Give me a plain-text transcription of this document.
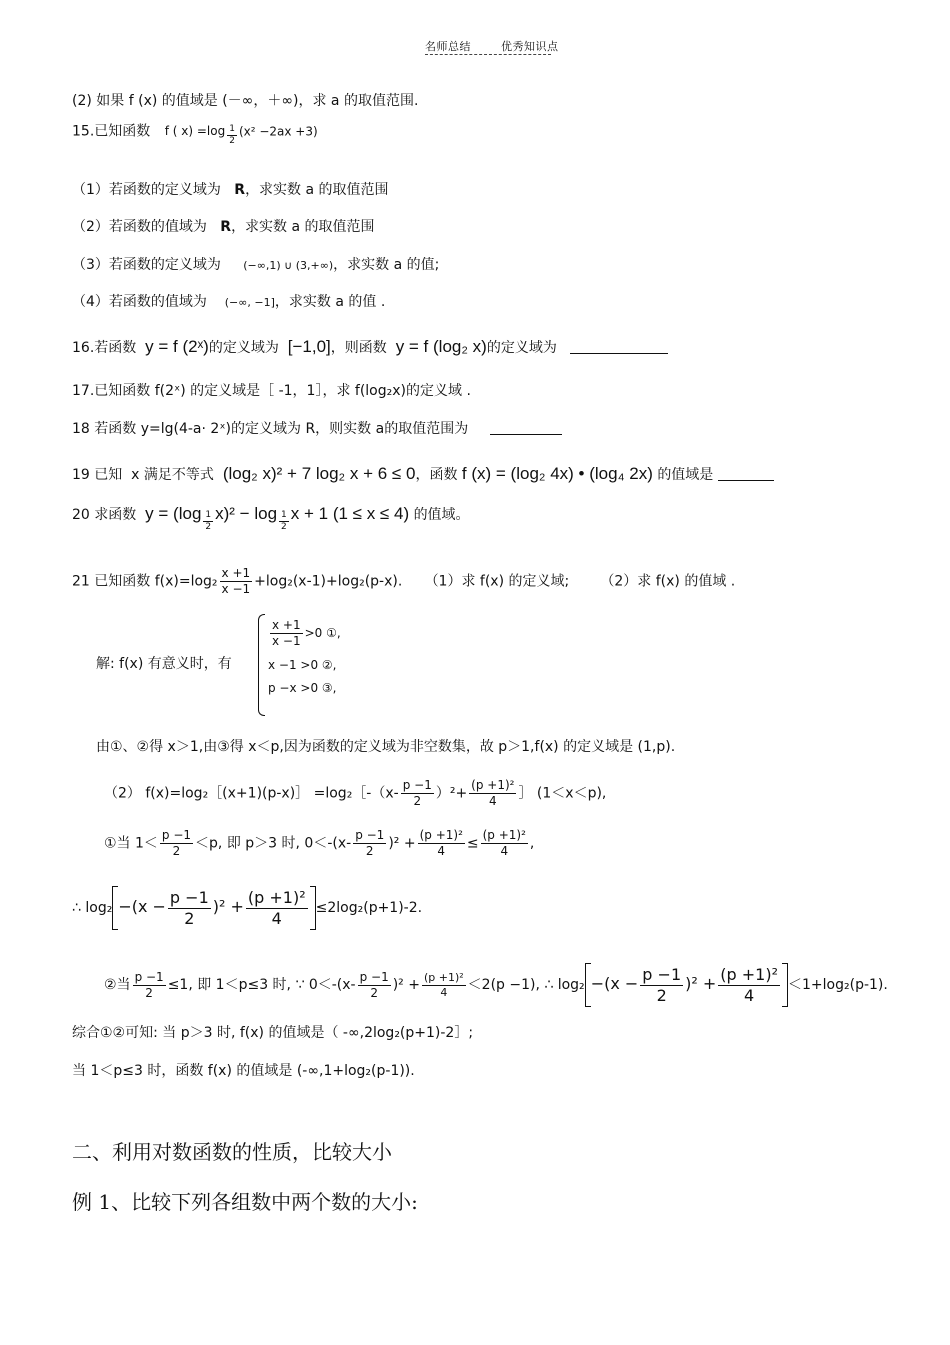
名师总结	优秀知识点
(2) 如果 f (x) 的值域是 (－∞，＋∞)，求 a 的取值范围.
15.已知函数 f ( $x) =\log \frac{1}{2} (x^2 -2ax +3)$
（1）若函数的定义域为 R，求实数 a 的取值范围
（2）若函数的值域为 R，求实数 a 的取值范围
（3）若函数的定义域为 (−∞,1) ∪ (3,+∞)，求实数 a 的值;
（4）若函数的值域为 (−∞, −1]，求实数 a 的值 .
16.若函数 y = f (2ˣ)的定义域为 [−1,0]，则函数 y = f (log₂ x)的定义域为
17.已知函数 f(2ˣ) 的定义域是［ -1，1］，求 f(log₂x)的定义域 .
18 若函数 y=lg(4-a· 2ˣ)的定义域为 R，则实数 a的取值范围为
19 已知 x 满足不等式 (log₂ x)² + 7 log₂ x + 6 ≤ 0，函数 f (x) = (log₂ 4x) • (log₄ 2x) 的值域是
20 求函数 $y = (\log \frac{1}{2} x)^2 - \log \frac{1}{2}$ x + 1 (1 ≤ x ≤ 4) 的值域。
21 已知函数 $f(x)=\log_2 \frac{x +1}{x -1} +\log_2(x-1)+\log_2(p-x)$. （1）求 f(x) 的定义域; （2）求 f(x) 的值域 .
解: f(x) 有意义时，有
$\frac{x +1}{x -1} >0$ ①,
x −1 >0 ②,
p −x >0 ③,
由①、②得 x＞1,由③得 x＜p,因为函数的定义域为非空数集，故 p＞1,f(x) 的定义域是 (1,p).
（2） f(x)=log₂［(x+1)(p-x)］ =log₂［-（x- $\frac{p -1}{2} )^2+ \frac{\text{(p +1)²}}{4}$ ］ (1＜x＜p),
①当 $1< \frac{p -1}{2} <p$, 即 p＞3 时, $0<-(x- \frac{p -1}{2} )^2 + \frac{\text{(p +1)²}}{4} \le \frac{\text{(p +1)²}}{4}$ ,
∴ $\log_2 -(x - \frac{p -1}{2} )^2 + \frac{\text{(p +1)²}}{4} \le 2\log_2(p+1)-2$.
②当 $\frac{p -1}{2} \le 1$, 即 1＜p≤3 时, ∵ $0<-(x- \frac{p -1}{2} )^2 + \frac{\text{(p +1)²}}{4} <2(p -1)$, ∴ $\log_2 -(x - \frac{p -1}{2} )^2 + \frac{\text{(p +1)²}}{4} <1+\log_2(p-1)$.
综合①②可知: 当 p＞3 时, f(x) 的值域是（ -∞,2log₂(p+1)-2］;
当 1＜p≤3 时，函数 f(x) 的值域是 (-∞,1+log₂(p-1)).
二、利用对数函数的性质，比较大小
例 1、比较下列各组数中两个数的大小:
